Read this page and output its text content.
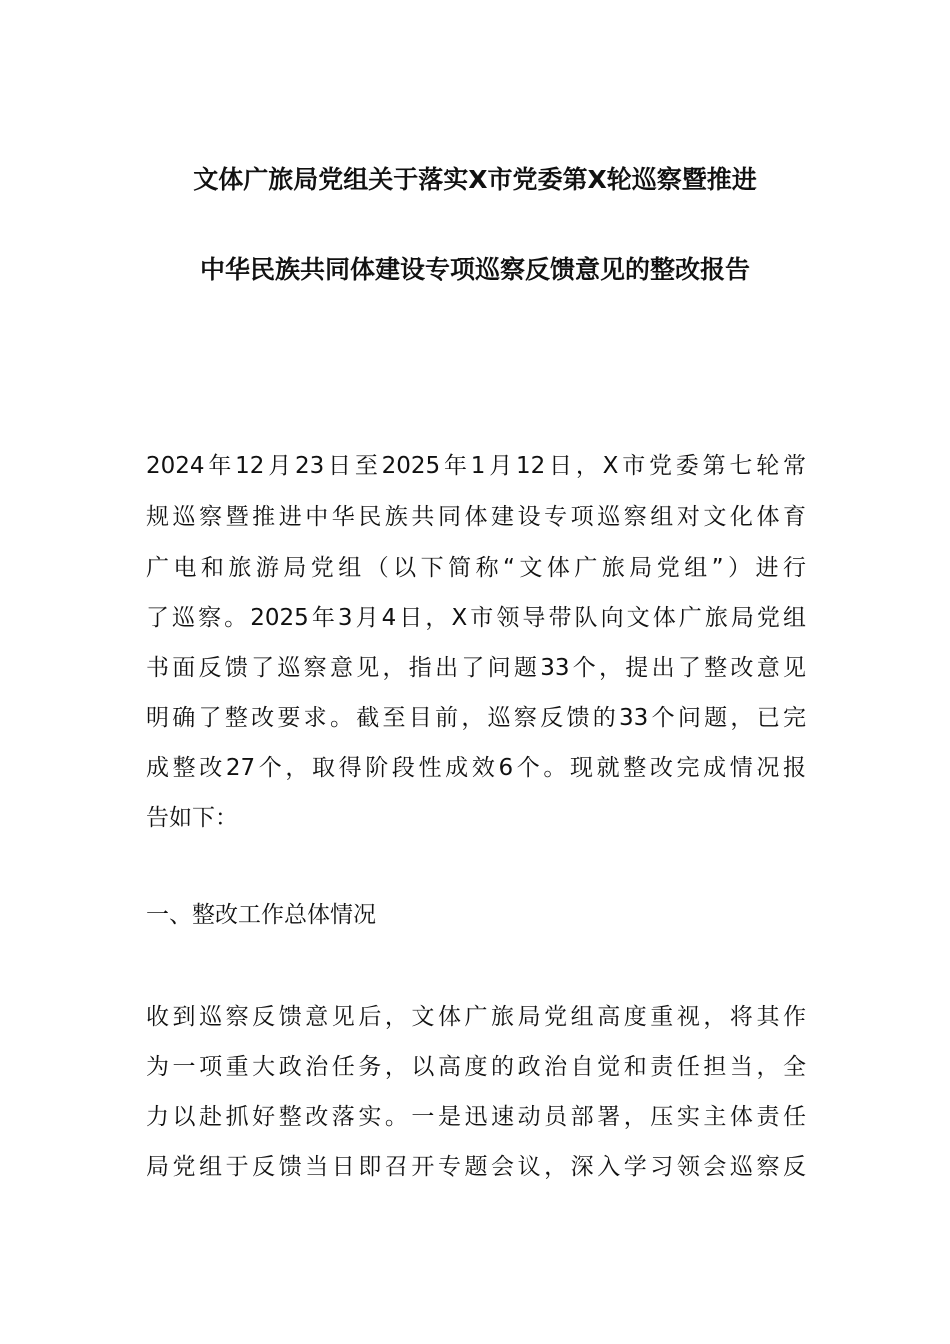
文体广旅局党组关于落实X市党委第X轮巡察暨推进
中华民族共同体建设专项巡察反馈意见的整改报告
2024年12月23日至2025年1月12日，X市党委第七轮常
规巡察暨推进中华民族共同体建设专项巡察组对文化体育
广电和旅游局党组（以下简称“文体广旅局党组”）进行
了巡察。2025年3月4日，X市领导带队向文体广旅局党组
书面反馈了巡察意见，指出了问题33个，提出了整改意见
明确了整改要求。截至目前，巡察反馈的33个问题，已完
成整改27个，取得阶段性成效6个。现就整改完成情况报
告如下：
一、整改工作总体情况
收到巡察反馈意见后，文体广旅局党组高度重视，将其作
为一项重大政治任务，以高度的政治自觉和责任担当，全
力以赴抓好整改落实。一是迅速动员部署，压实主体责任
局党组于反馈当日即召开专题会议，深入学习领会巡察反
